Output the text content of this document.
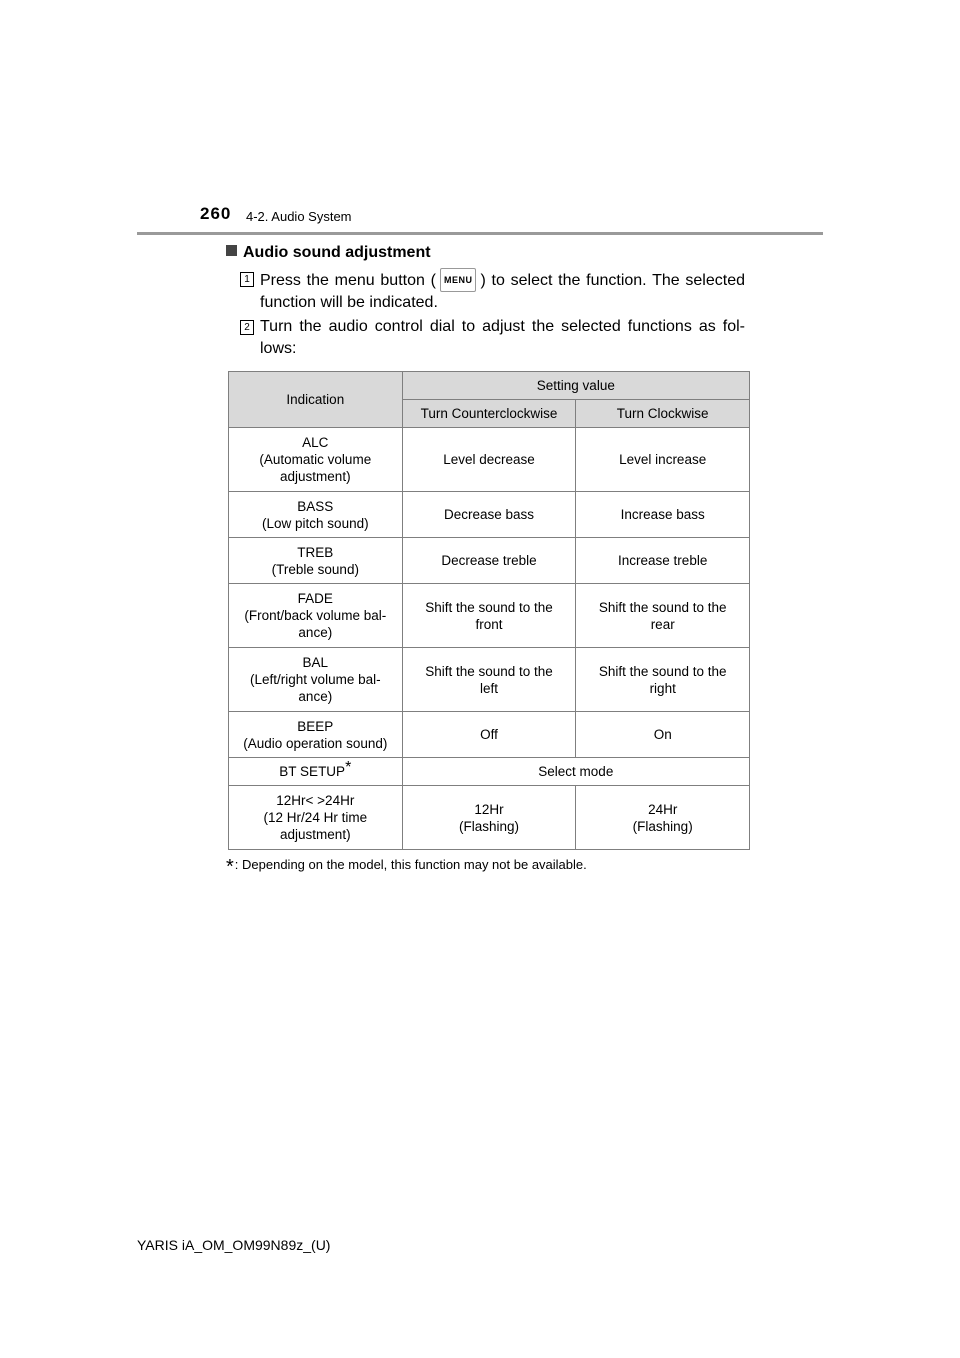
260 4-2. Audio System
Audio sound adjustment
1 Press the menu button ( MENU ) to select the function. The selected function will be indicated.
2 Turn the audio control dial to adjust the selected functions as fol-lows:
Indication	Setting value	
	Turn Counterclockwise	Turn Clockwise
ALC
(Automatic volume
adjustment)	Level decrease	Level increase
BASS
(Low pitch sound)	Decrease bass	Increase bass
TREB
(Treble sound)	Decrease treble	Increase treble
FADE
(Front/back volume bal-
ance)	Shift the sound to the
front	Shift the sound to the
rear
BAL
(Left/right volume bal-
ance)	Shift the sound to the
left	Shift the sound to the
right
BEEP
(Audio operation sound)	Off	On
BT SETUP*	Select mode	
12Hr< >24Hr
(12 Hr/24 Hr time
adjustment)	12Hr
(Flashing)	24Hr
(Flashing)
*: Depending on the model, this function may not be available.
YARIS iA_OM_OM99N89z_(U)
